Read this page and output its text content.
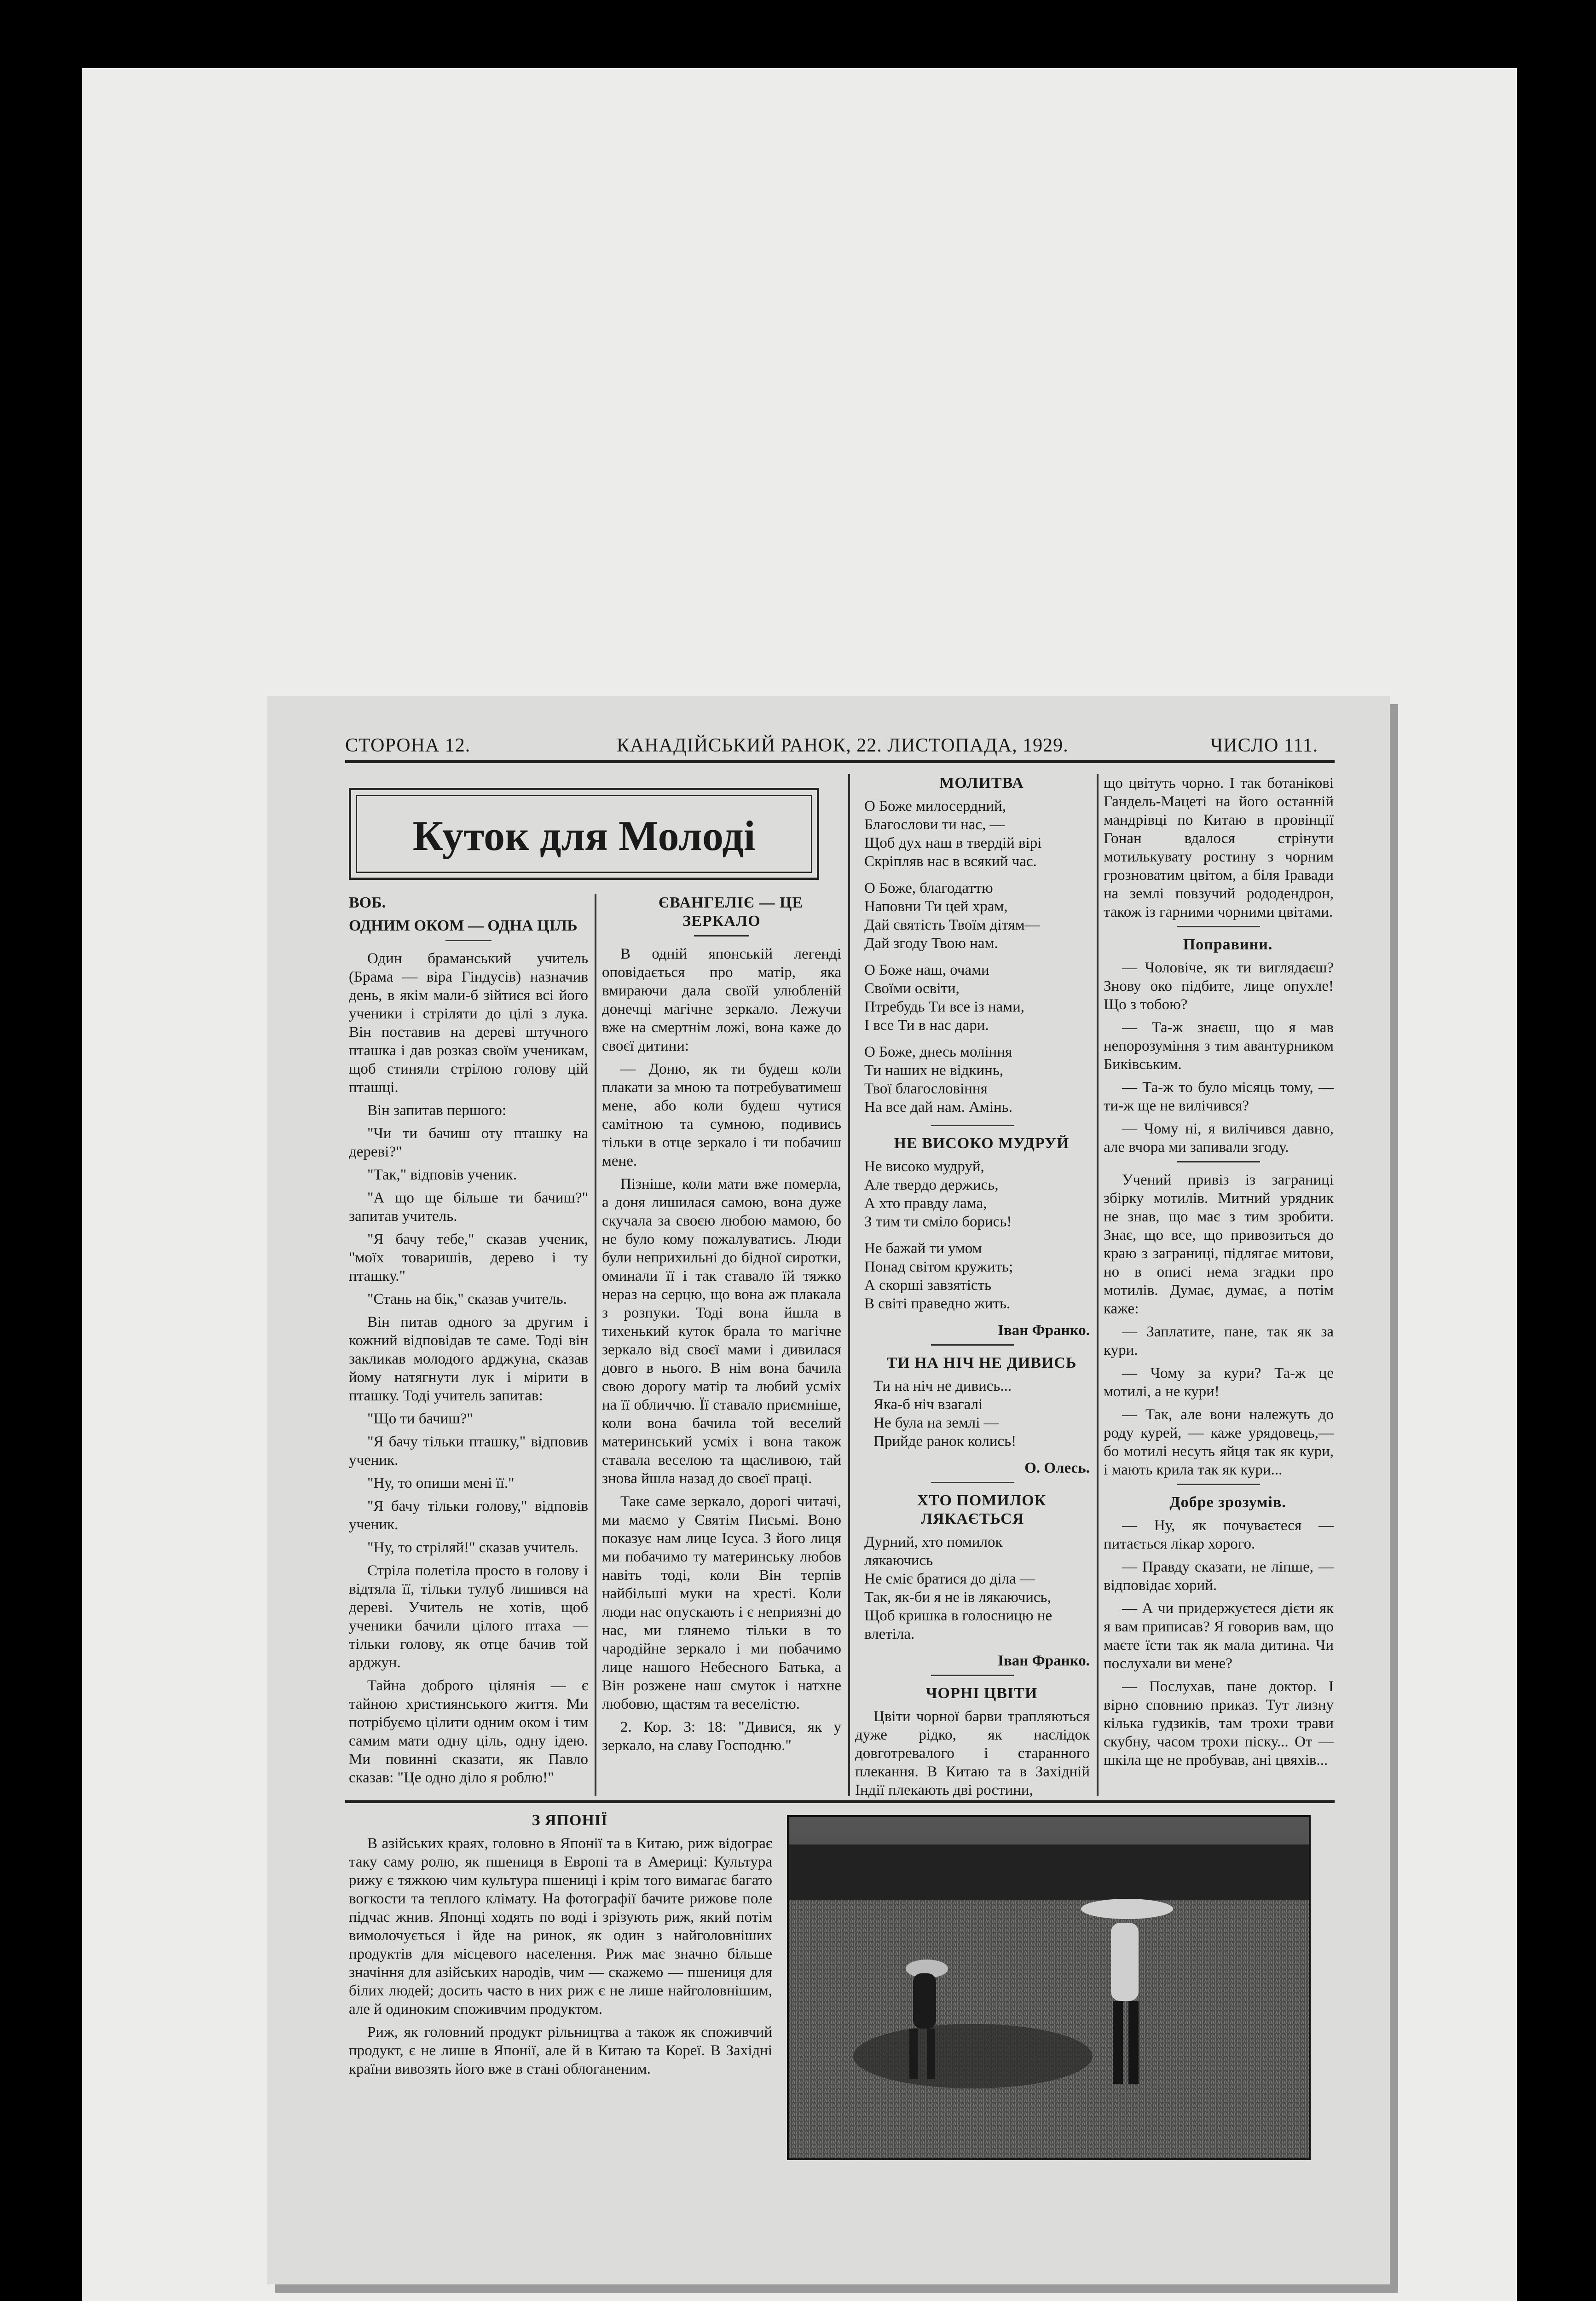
СТОРОНА 12.	КАНАДІЙСЬКИЙ РАНОК, 22. ЛИСТОПАДА, 1929.	ЧИСЛО 111.
Куток для Молоді

ВОБ.

ОДНИМ ОКОМ — ОДНА ЦІЛЬ

Один браманський учитель (Брама — віра Гіндусів) назначив день, в якім мали-б зійтися всі його ученики і стріляти до цілі з лука. Він поставив на дереві штучного пташка і дав розказ своїм ученикам, щоб стиняли стрілою голову цій пташці.

Він запитав першого:

"Чи ти бачиш оту пташку на дереві?"

"Так," відповів ученик.

"А що ще більше ти бачиш?" запитав учитель.

"Я бачу тебе," сказав ученик, "моїх товаришів, дерево і ту пташку."

"Стань на бік," сказав учитель.

Він питав одного за другим і кожний відповідав те саме. Тоді він закликав молодого арджуна, сказав йому натягнути лук і мірити в пташку. Тоді учитель запитав:

"Що ти бачиш?"

"Я бачу тільки пташку," відповив ученик.

"Ну, то опиши мені її."

"Я бачу тільки голову," відповів ученик.

"Ну, то стріляй!" сказав учитель.

Стріла полетіла просто в голову і відтяла її, тільки тулуб лишився на дереві. Учитель не хотів, щоб ученики бачили цілого птаха — тільки голову, як отце бачив той арджун.

Тайна доброго цілянія — є тайною християнського життя. Ми потрібуємо цілити одним оком і тим самим мати одну ціль, одну ідею. Ми повинні сказати, як Павло сказав: "Це одно діло я роблю!"

ЄВАНГЕЛІЄ — ЦЕ ЗЕРКАЛО

В одній японській легенді оповідається про матір, яка вмираючи дала своїй улюбленій донечці магічне зеркало. Лежучи вже на смертнім ложі, вона каже до своєї дитини:

— Доню, як ти будеш коли плакати за мною та потребуватимеш мене, або коли будеш чутися самітною та сумною, подивись тільки в отце зеркало і ти побачиш мене.

Пізніше, коли мати вже померла, а доня лишилася самою, вона дуже скучала за своєю любою мамою, бо не було кому пожалуватись. Люди були неприхильні до бідної сиротки, оминали її і так ставало їй тяжко нераз на серцю, що вона аж плакала з розпуки. Тоді вона йшла в тихенький куток брала то магічне зеркало від своєї мами і дивилася довго в нього. В нім вона бачила свою дорогу матір та любий усміх на її обличчю. Її ставало приємніше, коли вона бачила той веселий материнський усміх і вона також ставала веселою та щасливою, тай знова йшла назад до своєї праці.

Таке саме зеркало, дорогі читачі, ми маємо у Святім Письмі. Воно показує нам лице Ісуса. З його лиця ми побачимо ту материнську любов навіть тоді, коли Він терпів найбільші муки на хресті. Коли люди нас опускають і є неприязні до нас, ми глянемо тільки в то чародійне зеркало і ми побачимо лице нашого Небесного Батька, а Він розжене наш смуток і натхне любовю, щастям та веселістю.

2. Кор. 3: 18: "Дивися, як у зеркало, на славу Господню."

МОЛИТВА

О Боже милосердний,
Благослови ти нас, —
Щоб дух наш в твердій вірі
Скріпляв нас в всякий час.
О Боже, благодаттю
Наповни Ти цей храм,
Дай святість Твоїм дітям—
Дай згоду Твою нам.
О Боже наш, очами
Своїми освіти,
Птребудь Ти все із нами,
І все Ти в нас дари.
О Боже, днесь моління
Ти наших не відкинь,
Твої благословіння
На все дай нам. Амінь.

НЕ ВИСОКО МУДРУЙ

Не високо мудруй,
Але твердо держись,
А хто правду лама,
З тим ти сміло борись!
Не бажай ти умом
Понад світом кружить;
А скорші завзятість
В світі праведно жить.

Іван Франко.

ТИ НА НІЧ НЕ ДИВИСЬ

Ти на ніч не дивись...
Яка-б ніч взагалі
Не була на землі —
Прийде ранок колись!

О. Олесь.

ХТО ПОМИЛОК ЛЯКАЄТЬСЯ

Дурний, хто помилок
лякаючись
Не сміє братися до діла —
Так, як-би я не ів лякаючись,
Щоб кришка в голосницю не
влетіла.

Іван Франко.

ЧОРНІ ЦВІТИ

Цвіти чорної барви трапляються дуже рідко, як наслідок довготревалого і старанного плекання. В Китаю та в Західній Індії плекають дві ростини,

що цвітуть чорно. І так ботанікові Гандель-Мацеті на його останній мандрівці по Китаю в провінції Гонан вдалося стрінути мотилькувату ростину з чорним грозноватим цвітом, а біля Іравади на землі повзучий рододендрон, також із гарними чорними цвітами.

Поправини.

— Чоловіче, як ти виглядаєш? Знову око підбите, лице опухле! Що з тобою?

— Та-ж знаєш, що я мав непорозуміння з тим авантурником Биківським.

— Та-ж то було місяць тому, — ти-ж ще не вилічився?

— Чому ні, я вилічився давно, але вчора ми запивали згоду.

Учений привіз із загрaниці збірку мотилів. Митний урядник не знав, що має з тим зробити. Знає, що все, що привозиться до краю з заграниці, підлягає митови, но в описі нема згадки про мотилів. Думає, думає, а потім каже:

— Заплатите, пане, так як за кури.

— Чому за кури? Та-ж це мотилі, а не кури!

— Так, але вони належуть до роду курей, — каже урядовець,—бо мотилі несуть яйця так як кури, і мають крила так як кури...

Добре зрозумів.

— Ну, як почуваєтеся — питається лікар хорого.

— Правду сказати, не ліпше, — відповідає хорий.

— А чи придержуєтеся дієти як я вам приписав? Я говорив вам, що маєте їсти так як мала дитина. Чи послухали ви мене?

— Послухав, пане доктор. І вірно сповнию приказ. Тут лизну кілька гудзиків, там трохи трави скубну, часом трохи піску... От — шкіла ще не пробував, ані цвяхів...

З ЯПОНІЇ

В азійських краях, головно в Японії та в Китаю, риж відограє таку саму ролю, як пшениця в Европі та в Америці: Культура рижу є тяжкою чим культура пшениці і крім того вимагає багато вогкости та теплого клімату. На фотографії бачите рижове поле підчас жнив. Японці ходять по воді і зрізують риж, який потім вимолочується і йде на ринок, як один з найголовніших продуктів для місцевого населення. Риж має значно більше значіння для азійських народів, чим — скажемо — пшениця для білих людей; досить часто в них риж є не лише найголовнішим, але й одиноким споживчим продуктом.

Риж, як головний продукт рільництва а також як споживчий продукт, є не лише в Японії, але й в Китаю та Кореї. В Західні країни вивозять його вже в стані облоганеним.
